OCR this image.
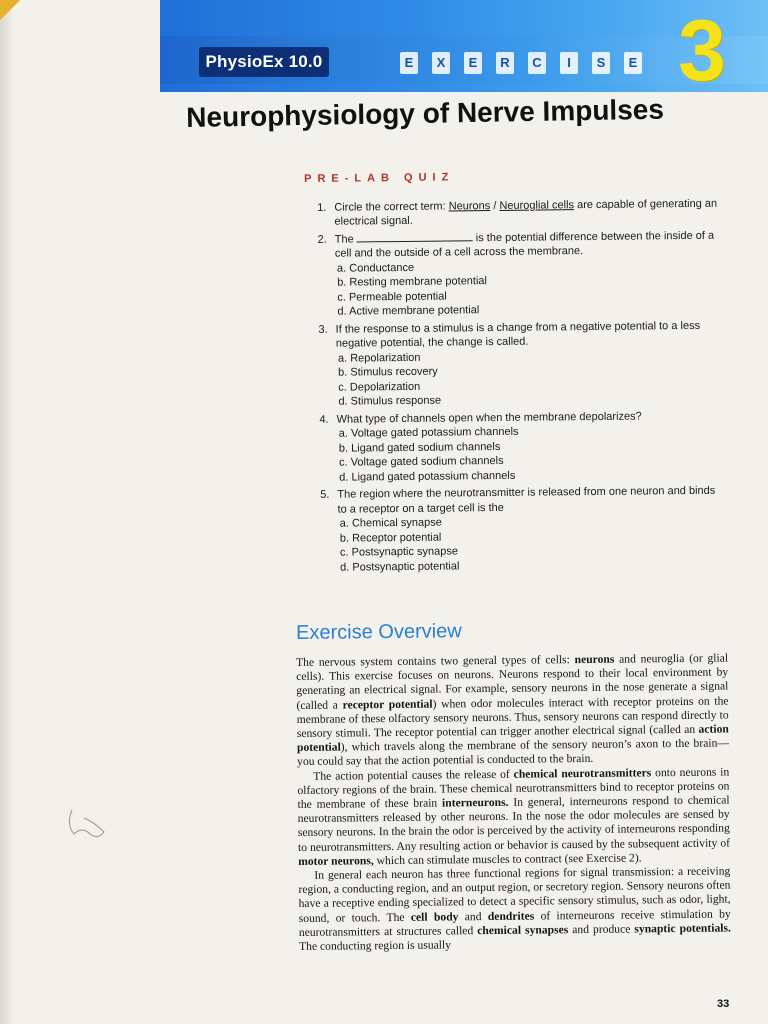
PhysioEx 10.0	E	X	E	R	C	I	S	E 3
Neurophysiology of Nerve Impulses
PRE-LAB QUIZ
1. Circle the correct term: Neurons / Neuroglial cells are capable of generating an electrical signal.
2. The	is the potential difference between the inside of a cell and the outside of a cell across the membrane.
a. Conductance
b. Resting membrane potential
c. Permeable potential
d. Active membrane potential
3. If the response to a stimulus is a change from a negative potential to a less negative potential, the change is called.
a. Repolarization
b. Stimulus recovery
c. Depolarization
d. Stimulus response
4. What type of channels open when the membrane depolarizes?
a. Voltage gated potassium channels
b. Ligand gated sodium channels
c. Voltage gated sodium channels
d. Ligand gated potassium channels
5. The region where the neurotransmitter is released from one neuron and binds to a receptor on a target cell is the
a. Chemical synapse
b. Receptor potential
c. Postsynaptic synapse
d. Postsynaptic potential
Exercise Overview

The nervous system contains two general types of cells: neurons and neuroglia (or glial cells). This exercise focuses on neurons. Neurons respond to their local environment by generating an electrical signal. For example, sensory neurons in the nose generate a signal (called a receptor potential) when odor molecules interact with receptor proteins on the membrane of these olfactory sensory neurons. Thus, sensory neurons can respond directly to sensory stimuli. The receptor potential can trigger another electrical signal (called an action potential), which travels along the membrane of the sensory neuron’s axon to the brain—you could say that the action potential is conducted to the brain.

The action potential causes the release of chemical neurotransmitters onto neurons in olfactory regions of the brain. These chemical neurotransmitters bind to receptor proteins on the membrane of these brain interneurons. In general, interneurons respond to chemical neurotransmitters released by other neurons. In the nose the odor molecules are sensed by sensory neurons. In the brain the odor is perceived by the activity of interneurons responding to neurotransmitters. Any resulting action or behavior is caused by the subsequent activity of motor neurons, which can stimulate muscles to contract (see Exercise 2).

In general each neuron has three functional regions for signal transmission: a receiving region, a conducting region, and an output region, or secretory region. Sensory neurons often have a receptive ending specialized to detect a specific sensory stimulus, such as odor, light, sound, or touch. The cell body and dendrites of interneurons receive stimulation by neurotransmitters at structures called chemical synapses and produce synaptic potentials. The conducting region is usually

33
